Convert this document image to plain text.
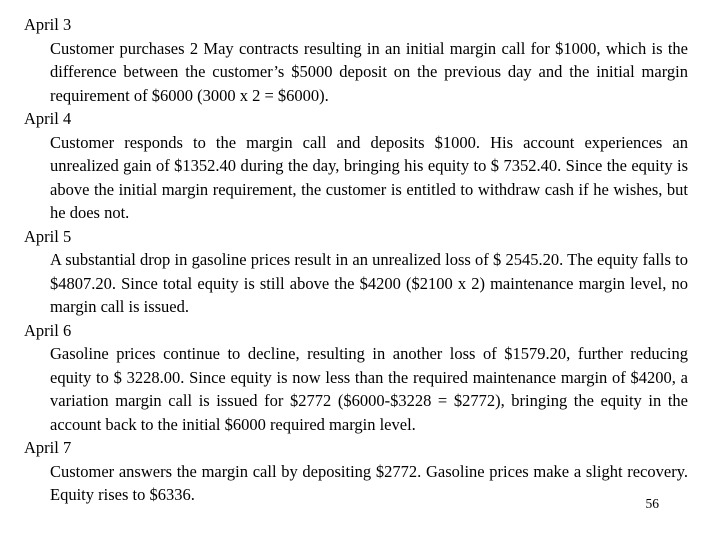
April 3

Customer purchases 2 May contracts resulting in an initial margin call for $1000, which is the difference between the customer’s $5000 deposit on the previous day and the initial margin requirement of $6000 (3000 x 2 = $6000).

April 4

Customer responds to the margin call and deposits $1000. His account experiences an unrealized gain of $1352.40 during the day, bringing his equity to $ 7352.40. Since the equity is above the initial margin requirement, the customer is entitled to withdraw cash if he wishes, but he does not.

April 5

A substantial drop in gasoline prices result in an unrealized loss of $ 2545.20. The equity falls to $4807.20. Since total equity is still above the $4200 ($2100 x 2) maintenance margin level, no margin call is issued.

April 6

Gasoline prices continue to decline, resulting in another loss of $1579.20, further reducing equity to $ 3228.00. Since equity is now less than the required maintenance margin of $4200, a variation margin call is issued for $2772 ($6000-$3228 = $2772), bringing the equity in the account back to the initial $6000 required margin level.

April 7

Customer answers the margin call by depositing $2772. Gasoline prices make a slight recovery. Equity rises to $6336.	56
